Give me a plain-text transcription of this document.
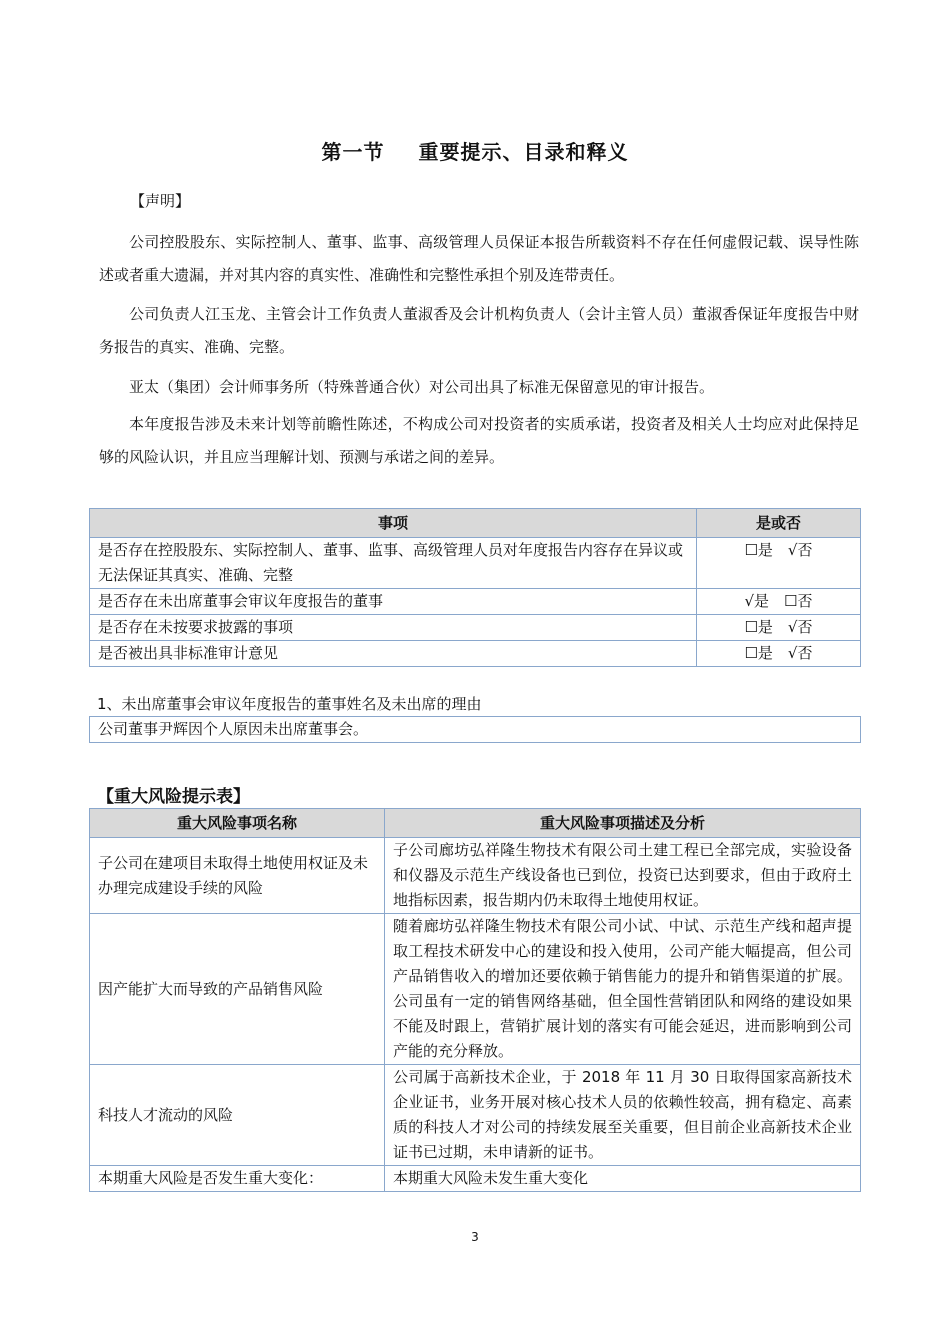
第一节 重要提示、目录和释义
【声明】
公司控股股东、实际控制人、董事、监事、高级管理人员保证本报告所载资料不存在任何虚假记载、误导性陈述或者重大遗漏，并对其内容的真实性、准确性和完整性承担个别及连带责任。
公司负责人江玉龙、主管会计工作负责人董淑香及会计机构负责人（会计主管人员）董淑香保证年度报告中财务报告的真实、准确、完整。
亚太（集团）会计师事务所（特殊普通合伙）对公司出具了标准无保留意见的审计报告。
本年度报告涉及未来计划等前瞻性陈述，不构成公司对投资者的实质承诺，投资者及相关人士均应对此保持足够的风险认识，并且应当理解计划、预测与承诺之间的差异。
事项	是或否
是否存在控股股东、实际控制人、董事、监事、高级管理人员对年度报告内容存在异议或无法保证其真实、准确、完整	☐是　√否
是否存在未出席董事会审议年度报告的董事	√是　☐否
是否存在未按要求披露的事项	☐是　√否
是否被出具非标准审计意见	☐是　√否
1、未出席董事会审议年度报告的董事姓名及未出席的理由
公司董事尹辉因个人原因未出席董事会。
【重大风险提示表】
重大风险事项名称	重大风险事项描述及分析
子公司在建项目未取得土地使用权证及未办理完成建设手续的风险	子公司廊坊弘祥隆生物技术有限公司土建工程已全部完成，实验设备和仪器及示范生产线设备也已到位，投资已达到要求，但由于政府土地指标因素，报告期内仍未取得土地使用权证。
因产能扩大而导致的产品销售风险	随着廊坊弘祥隆生物技术有限公司小试、中试、示范生产线和超声提取工程技术研发中心的建设和投入使用，公司产能大幅提高，但公司产品销售收入的增加还要依赖于销售能力的提升和销售渠道的扩展。公司虽有一定的销售网络基础，但全国性营销团队和网络的建设如果不能及时跟上，营销扩展计划的落实有可能会延迟，进而影响到公司产能的充分释放。
科技人才流动的风险	公司属于高新技术企业，于 2018 年 11 月 30 日取得国家高新技术企业证书，业务开展对核心技术人员的依赖性较高，拥有稳定、高素质的科技人才对公司的持续发展至关重要，但目前企业高新技术企业证书已过期，未申请新的证书。
本期重大风险是否发生重大变化：	本期重大风险未发生重大变化
3
